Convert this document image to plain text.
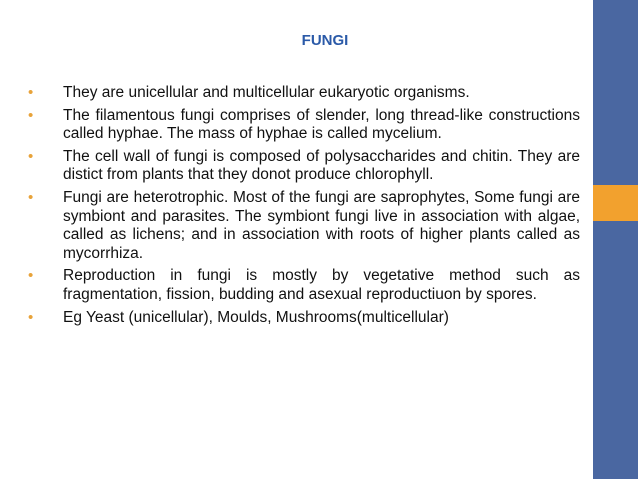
FUNGI
• They are unicellular and multicellular eukaryotic organisms.
• The filamentous fungi comprises of slender, long thread-like constructions called hyphae. The mass of hyphae is called mycelium.
• The cell wall of fungi is composed of polysaccharides and chitin. They are distict from plants that they donot produce chlorophyll.
• Fungi are heterotrophic. Most of the fungi are saprophytes, Some fungi are symbiont and parasites. The symbiont fungi live in association with algae, called as lichens; and in association with roots of higher plants called as mycorrhiza.
• Reproduction in fungi is mostly by vegetative method such as fragmentation, fission, budding and asexual reproductiuon by spores.
• Eg Yeast (unicellular), Moulds, Mushrooms(multicellular)
